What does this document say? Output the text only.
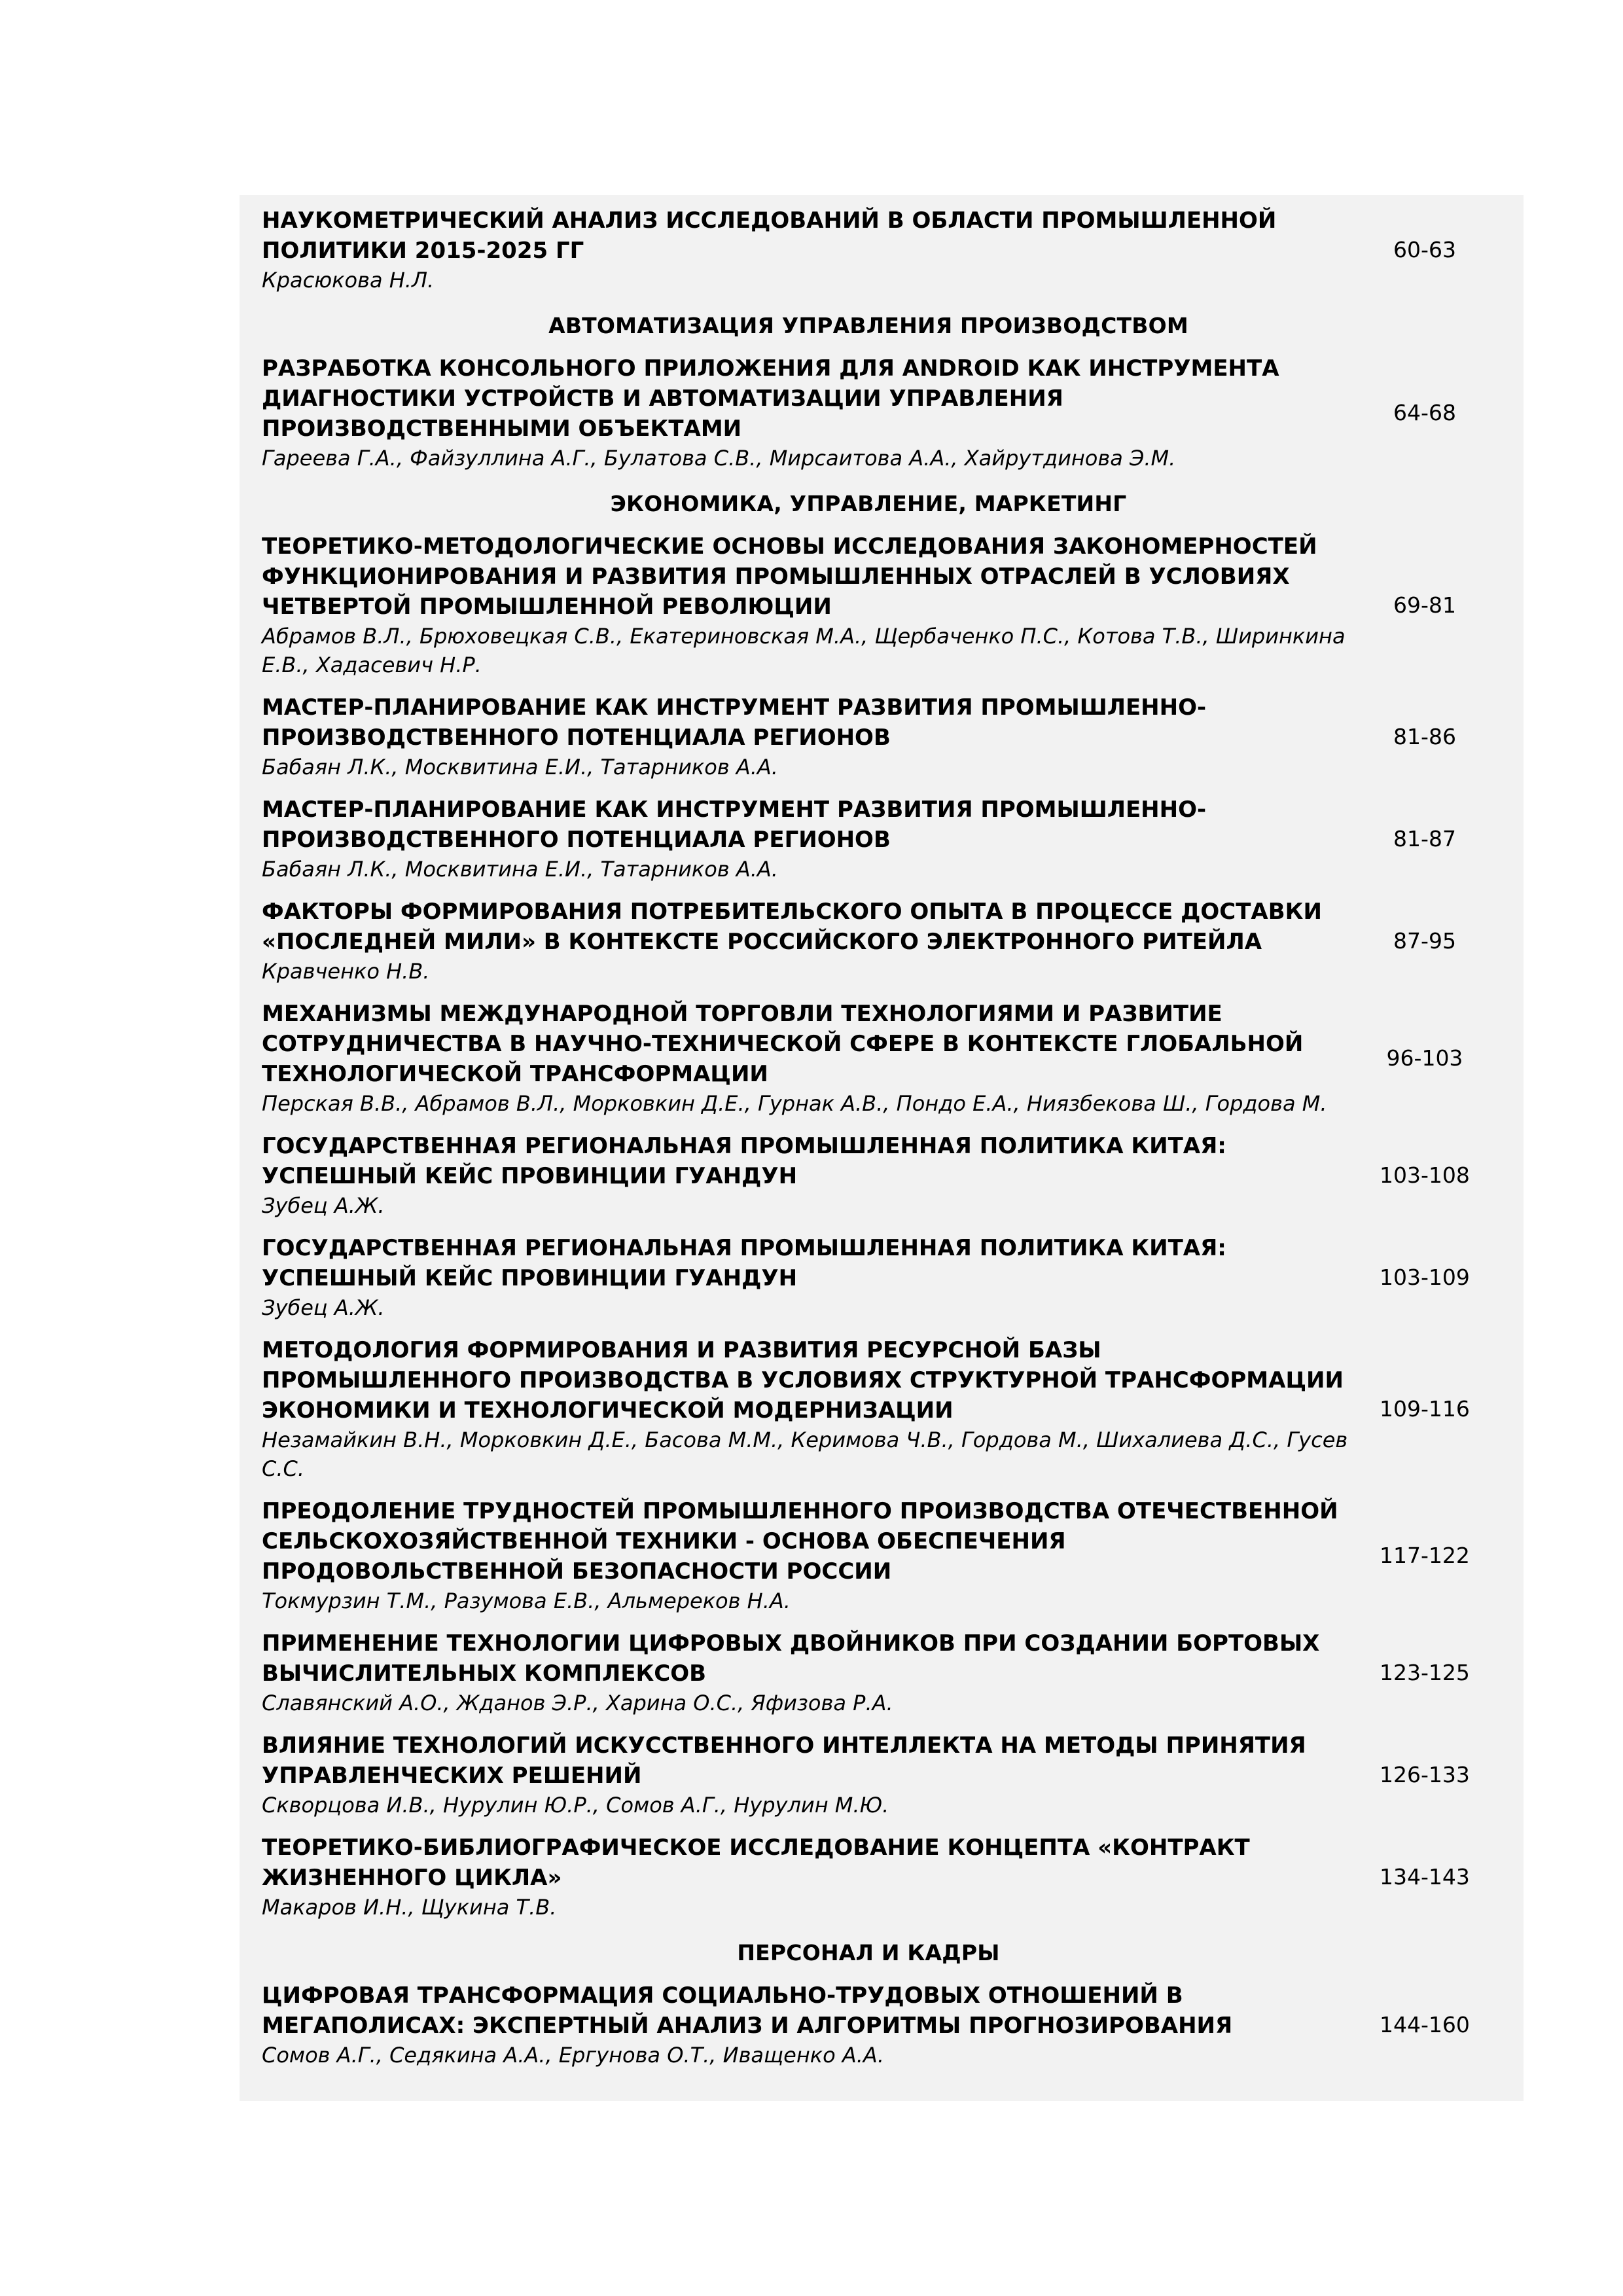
НАУКОМЕТРИЧЕСКИЙ АНАЛИЗ ИССЛЕДОВАНИЙ В ОБЛАСТИ ПРОМЫШЛЕННОЙ ПОЛИТИКИ 2015-2025 ГГ
Красюкова Н.Л.
60-63
АВТОМАТИЗАЦИЯ УПРАВЛЕНИЯ ПРОИЗВОДСТВОМ
РАЗРАБОТКА КОНСОЛЬНОГО ПРИЛОЖЕНИЯ ДЛЯ ANDROID КАК ИНСТРУМЕНТА ДИАГНОСТИКИ УСТРОЙСТВ И АВТОМАТИЗАЦИИ УПРАВЛЕНИЯ ПРОИЗВОДСТВЕННЫМИ ОБЪЕКТАМИ
Гареева Г.А., Файзуллина А.Г., Булатова С.В., Мирсаитова А.А., Хайрутдинова Э.М.
64-68
ЭКОНОМИКА, УПРАВЛЕНИЕ, МАРКЕТИНГ
ТЕОРЕТИКО-МЕТОДОЛОГИЧЕСКИЕ ОСНОВЫ ИССЛЕДОВАНИЯ ЗАКОНОМЕРНОСТЕЙ ФУНКЦИОНИРОВАНИЯ И РАЗВИТИЯ ПРОМЫШЛЕННЫХ ОТРАСЛЕЙ В УСЛОВИЯХ ЧЕТВЕРТОЙ ПРОМЫШЛЕННОЙ РЕВОЛЮЦИИ
Абрамов В.Л., Брюховецкая С.В., Екатериновская М.А., Щербаченко П.С., Котова Т.В., Ширинкина Е.В., Хадасевич Н.Р.
69-81
МАСТЕР-ПЛАНИРОВАНИЕ КАК ИНСТРУМЕНТ РАЗВИТИЯ ПРОМЫШЛЕННО-ПРОИЗВОДСТВЕННОГО ПОТЕНЦИАЛА РЕГИОНОВ
Бабаян Л.К., Москвитина Е.И., Татарников А.А.
81-86
МАСТЕР-ПЛАНИРОВАНИЕ КАК ИНСТРУМЕНТ РАЗВИТИЯ ПРОМЫШЛЕННО-ПРОИЗВОДСТВЕННОГО ПОТЕНЦИАЛА РЕГИОНОВ
Бабаян Л.К., Москвитина Е.И., Татарников А.А.
81-87
ФАКТОРЫ ФОРМИРОВАНИЯ ПОТРЕБИТЕЛЬСКОГО ОПЫТА В ПРОЦЕССЕ ДОСТАВКИ «ПОСЛЕДНЕЙ МИЛИ» В КОНТЕКСТЕ РОССИЙСКОГО ЭЛЕКТРОННОГО РИТЕЙЛА
Кравченко Н.В.
87-95
МЕХАНИЗМЫ МЕЖДУНАРОДНОЙ ТОРГОВЛИ ТЕХНОЛОГИЯМИ И РАЗВИТИЕ СОТРУДНИЧЕСТВА В НАУЧНО-ТЕХНИЧЕСКОЙ СФЕРЕ В КОНТЕКСТЕ ГЛОБАЛЬНОЙ ТЕХНОЛОГИЧЕСКОЙ ТРАНСФОРМАЦИИ
Перская В.В., Абрамов В.Л., Морковкин Д.Е., Гурнак А.В., Пондо Е.А., Ниязбекова Ш., Гордова М.
96-103
ГОСУДАРСТВЕННАЯ РЕГИОНАЛЬНАЯ ПРОМЫШЛЕННАЯ ПОЛИТИКА КИТАЯ: УСПЕШНЫЙ КЕЙС ПРОВИНЦИИ ГУАНДУН
Зубец А.Ж.
103-108
ГОСУДАРСТВЕННАЯ РЕГИОНАЛЬНАЯ ПРОМЫШЛЕННАЯ ПОЛИТИКА КИТАЯ: УСПЕШНЫЙ КЕЙС ПРОВИНЦИИ ГУАНДУН
Зубец А.Ж.
103-109
МЕТОДОЛОГИЯ ФОРМИРОВАНИЯ И РАЗВИТИЯ РЕСУРСНОЙ БАЗЫ ПРОМЫШЛЕННОГО ПРОИЗВОДСТВА В УСЛОВИЯХ СТРУКТУРНОЙ ТРАНСФОРМАЦИИ ЭКОНОМИКИ И ТЕХНОЛОГИЧЕСКОЙ МОДЕРНИЗАЦИИ
Незамайкин В.Н., Морковкин Д.Е., Басова М.М., Керимова Ч.В., Гордова М., Шихалиева Д.С., Гусев С.С.
109-116
ПРЕОДОЛЕНИЕ ТРУДНОСТЕЙ ПРОМЫШЛЕННОГО ПРОИЗВОДСТВА ОТЕЧЕСТВЕННОЙ СЕЛЬСКОХОЗЯЙСТВЕННОЙ ТЕХНИКИ - ОСНОВА ОБЕСПЕЧЕНИЯ ПРОДОВОЛЬСТВЕННОЙ БЕЗОПАСНОСТИ РОССИИ
Токмурзин Т.М., Разумова Е.В., Альмереков Н.А.
117-122
ПРИМЕНЕНИЕ ТЕХНОЛОГИИ ЦИФРОВЫХ ДВОЙНИКОВ ПРИ СОЗДАНИИ БОРТОВЫХ ВЫЧИСЛИТЕЛЬНЫХ КОМПЛЕКСОВ
Славянский А.О., Жданов Э.Р., Харина О.С., Яфизова Р.А.
123-125
ВЛИЯНИЕ ТЕХНОЛОГИЙ ИСКУССТВЕННОГО ИНТЕЛЛЕКТА НА МЕТОДЫ ПРИНЯТИЯ УПРАВЛЕНЧЕСКИХ РЕШЕНИЙ
Скворцова И.В., Нурулин Ю.Р., Сомов А.Г., Нурулин М.Ю.
126-133
ТЕОРЕТИКО-БИБЛИОГРАФИЧЕСКОЕ ИССЛЕДОВАНИЕ КОНЦЕПТА «КОНТРАКТ ЖИЗНЕННОГО ЦИКЛА»
Макаров И.Н., Щукина Т.В.
134-143
ПЕРСОНАЛ И КАДРЫ
ЦИФРОВАЯ ТРАНСФОРМАЦИЯ СОЦИАЛЬНО-ТРУДОВЫХ ОТНОШЕНИЙ В МЕГАПОЛИСАХ: ЭКСПЕРТНЫЙ АНАЛИЗ И АЛГОРИТМЫ ПРОГНОЗИРОВАНИЯ
Сомов А.Г., Седякина А.А., Ергунова О.Т., Иващенко А.А.
144-160
